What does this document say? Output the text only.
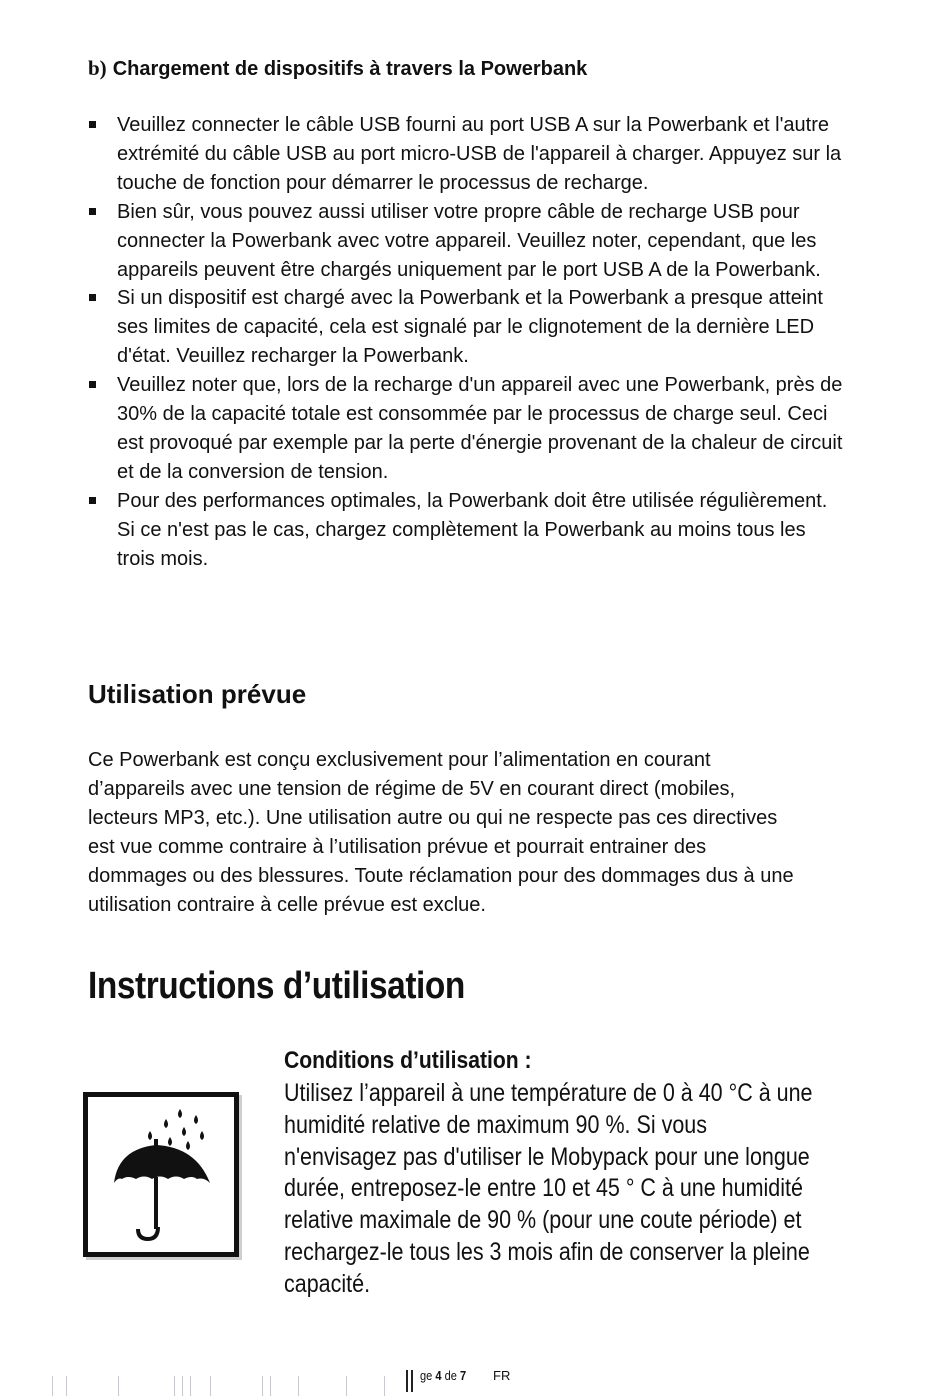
b) Chargement de dispositifs à travers la Powerbank
Veuillez connecter le câble USB fourni au port USB A sur la Powerbank et l'autre extrémité du câble USB au port micro-USB de l'appareil à charger. Appuyez sur la touche de fonction pour démarrer le processus de recharge.
Bien sûr, vous pouvez aussi utiliser votre propre câble de recharge USB pour connecter la Powerbank avec votre appareil. Veuillez noter, cependant, que les appareils peuvent être chargés uniquement par le port USB A de la Powerbank.
Si un dispositif est chargé avec la Powerbank et la Powerbank a presque atteint ses limites de capacité, cela est signalé par le clignotement de la dernière LED d'état. Veuillez recharger la Powerbank.
Veuillez noter que, lors de la recharge d'un appareil avec une Powerbank, près de 30% de la capacité totale est consommée par le processus de charge seul. Ceci est provoqué par exemple par la perte d'énergie provenant de la chaleur de circuit et de la conversion de tension.
Pour des performances optimales, la Powerbank doit être utilisée régulièrement. Si ce n'est pas le cas, chargez complètement la Powerbank au moins tous les trois mois.
Utilisation prévue

Ce Powerbank est conçu exclusivement pour l’alimentation en courant d’appareils avec une tension de régime de 5V en courant direct (mobiles, lecteurs MP3, etc.). Une utilisation autre ou qui ne respecte pas ces directives est vue comme contraire à l’utilisation prévue et pourrait entrainer des dommages ou des blessures. Toute réclamation pour des dommages dus à une utilisation contraire à celle prévue est exclue.

Instructions d’utilisation

Conditions d’utilisation :

Utilisez l’appareil à une température de 0 à 40 °C à une humidité relative de maximum 90 %. Si vous n'envisagez pas d'utiliser le Mobypack pour une longue durée, entreposez-le entre 10 et 45 ° C à une humidité relative maximale de 90 % (pour une coute période) et rechargez-le tous les 3 mois afin de conserver la pleine capacité.

ge 4 de 7 FR
